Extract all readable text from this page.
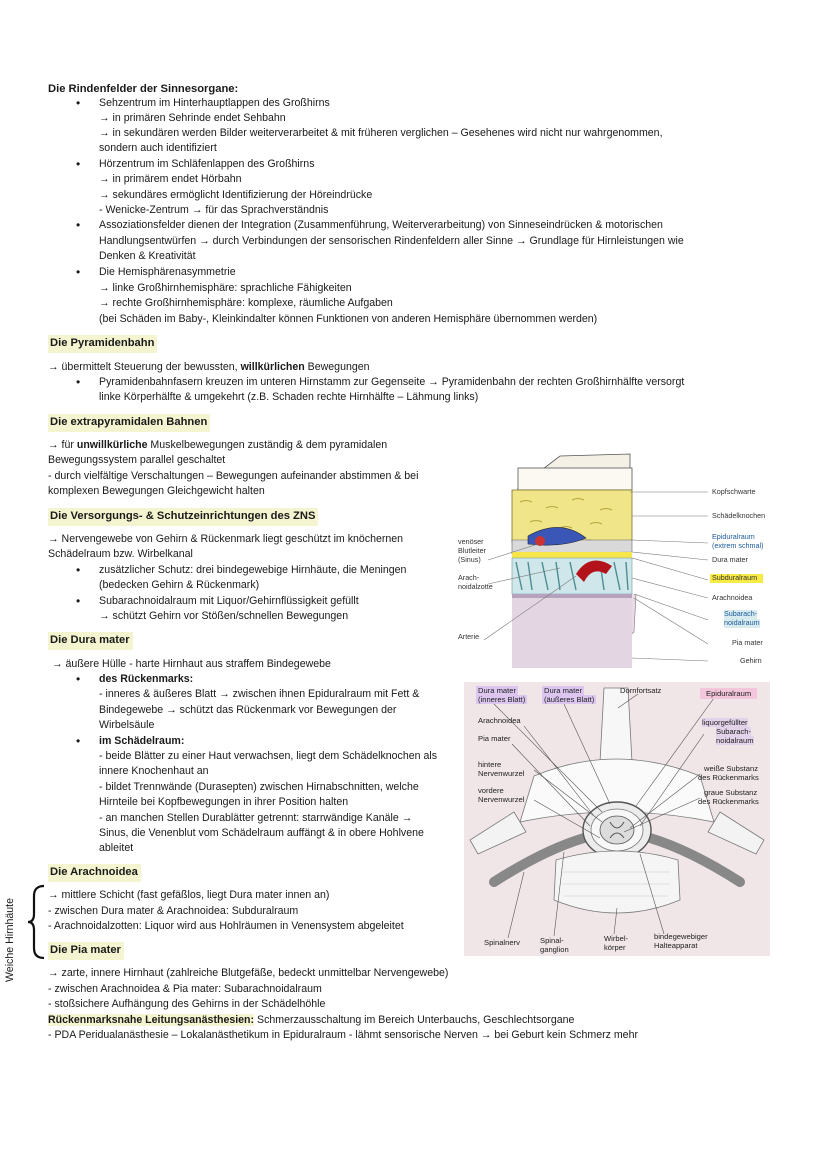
Die Rindenfelder der Sinnesorgane:
• Sehzentrum im Hinterhauptlappen des Großhirns
→ in primären Sehrinde endet Sehbahn
→ in sekundären werden Bilder weiterverarbeitet & mit früheren verglichen – Gesehenes wird nicht nur wahrgenommen,
sondern auch identifiziert
• Hörzentrum im Schläfenlappen des Großhirns
→ in primärem endet Hörbahn
→ sekundäres ermöglicht Identifizierung der Höreindrücke
- Wenicke-Zentrum → für das Sprachverständnis
• Assoziationsfelder dienen der Integration (Zusammenführung, Weiterverarbeitung) von Sinneseindrücken & motorischen
Handlungsentwürfen → durch Verbindungen der sensorischen Rindenfeldern aller Sinne → Grundlage für Hirnleistungen wie
Denken & Kreativität
• Die Hemisphärenasymmetrie
→ linke Großhirnhemisphäre: sprachliche Fähigkeiten
→ rechte Großhirnhemisphäre: komplexe, räumliche Aufgaben
(bei Schäden im Baby-, Kleinkindalter können Funktionen von anderen Hemisphäre übernommen werden)
Die Pyramidenbahn
→ übermittelt Steuerung der bewussten, willkürlichen Bewegungen
• Pyramidenbahnfasern kreuzen im unteren Hirnstamm zur Gegenseite → Pyramidenbahn der rechten Großhirnhälfte versorgt
linke Körperhälfte & umgekehrt (z.B. Schaden rechte Hirnhälfte – Lähmung links)
Die extrapyramidalen Bahnen
→ für unwillkürliche Muskelbewegungen zuständig & dem pyramidalen
Bewegungssystem parallel geschaltet
- durch vielfältige Verschaltungen – Bewegungen aufeinander abstimmen & bei
komplexen Bewegungen Gleichgewicht halten
Die Versorgungs- & Schutzeinrichtungen des ZNS
→ Nervengewebe von Gehirn & Rückenmark liegt geschützt im knöchernen
Schädelraum bzw. Wirbelkanal
• zusätzlicher Schutz: drei bindegewebige Hirnhäute, die Meningen
(bedecken Gehirn & Rückenmark)
• Subarachnoidalraum mit Liquor/Gehirnflüssigkeit gefüllt
→ schützt Gehirn vor Stößen/schnellen Bewegungen
Die Dura mater
→ äußere Hülle - harte Hirnhaut aus straffem Bindegewebe
• des Rückenmarks:
- inneres & äußeres Blatt → zwischen ihnen Epiduralraum mit Fett &
Bindegewebe → schützt das Rückenmark vor Bewegungen der
Wirbelsäule
• im Schädelraum:
- beide Blätter zu einer Haut verwachsen, liegt dem Schädelknochen als
innere Knochenhaut an
- bildet Trennwände (Durasepten) zwischen Hirnabschnitten, welche
Hirnteile bei Kopfbewegungen in ihrer Position halten
- an manchen Stellen Durablätter getrennt: starrwändige Kanäle →
Sinus, die Venenblut vom Schädelraum auffängt & in obere Hohlvene
ableitet
Die Arachnoidea
→ mittlere Schicht (fast gefäßlos, liegt Dura mater innen an)
- zwischen Dura mater & Arachnoidea: Subduralraum
- Arachnoidalzotten: Liquor wird aus Hohlräumen in Venensystem abgeleitet
Die Pia mater
→ zarte, innere Hirnhaut (zahlreiche Blutgefäße, bedeckt unmittelbar Nervengewebe)
- zwischen Arachnoidea & Pia mater: Subarachnoidalraum
- stoßsichere Aufhängung des Gehirns in der Schädelhöhle
Rückenmarksnahe Leitungsanästhesien: Schmerzausschaltung im Bereich Unterbauchs, Geschlechtsorgane
- PDA Peridualanästhesie – Lokalanästhetikum in Epiduralraum - lähmt sensorische Nerven → bei Geburt kein Schmerz mehr
Weiche Hirnhäute
Kopfschwarte
Schädelknochen
Epiduralraum
(extrem schmal)
Dura mater
Subduralraum
Arachnoidea
Subarach-
noidalraum
Pia mater
Gehirn
venöser
Blutleiter
(Sinus)
Arach-
noidalzotte
Arterie
Dura mater
(inneres Blatt)
Dura mater
(äußeres Blatt)
Dornfortsatz	Epiduralraum
Arachnoidea
Pia mater
liquorgefüllter
Subarach-
noidalraum
hintere
Nervenwurzel
vordere
Nervenwurzel
weiße Substanz
des Rückenmarks
graue Substanz
des Rückenmarks
Spinalnerv	Spinal-
ganglion
Wirbel-
körper
bindegewebiger
Halteapparat
